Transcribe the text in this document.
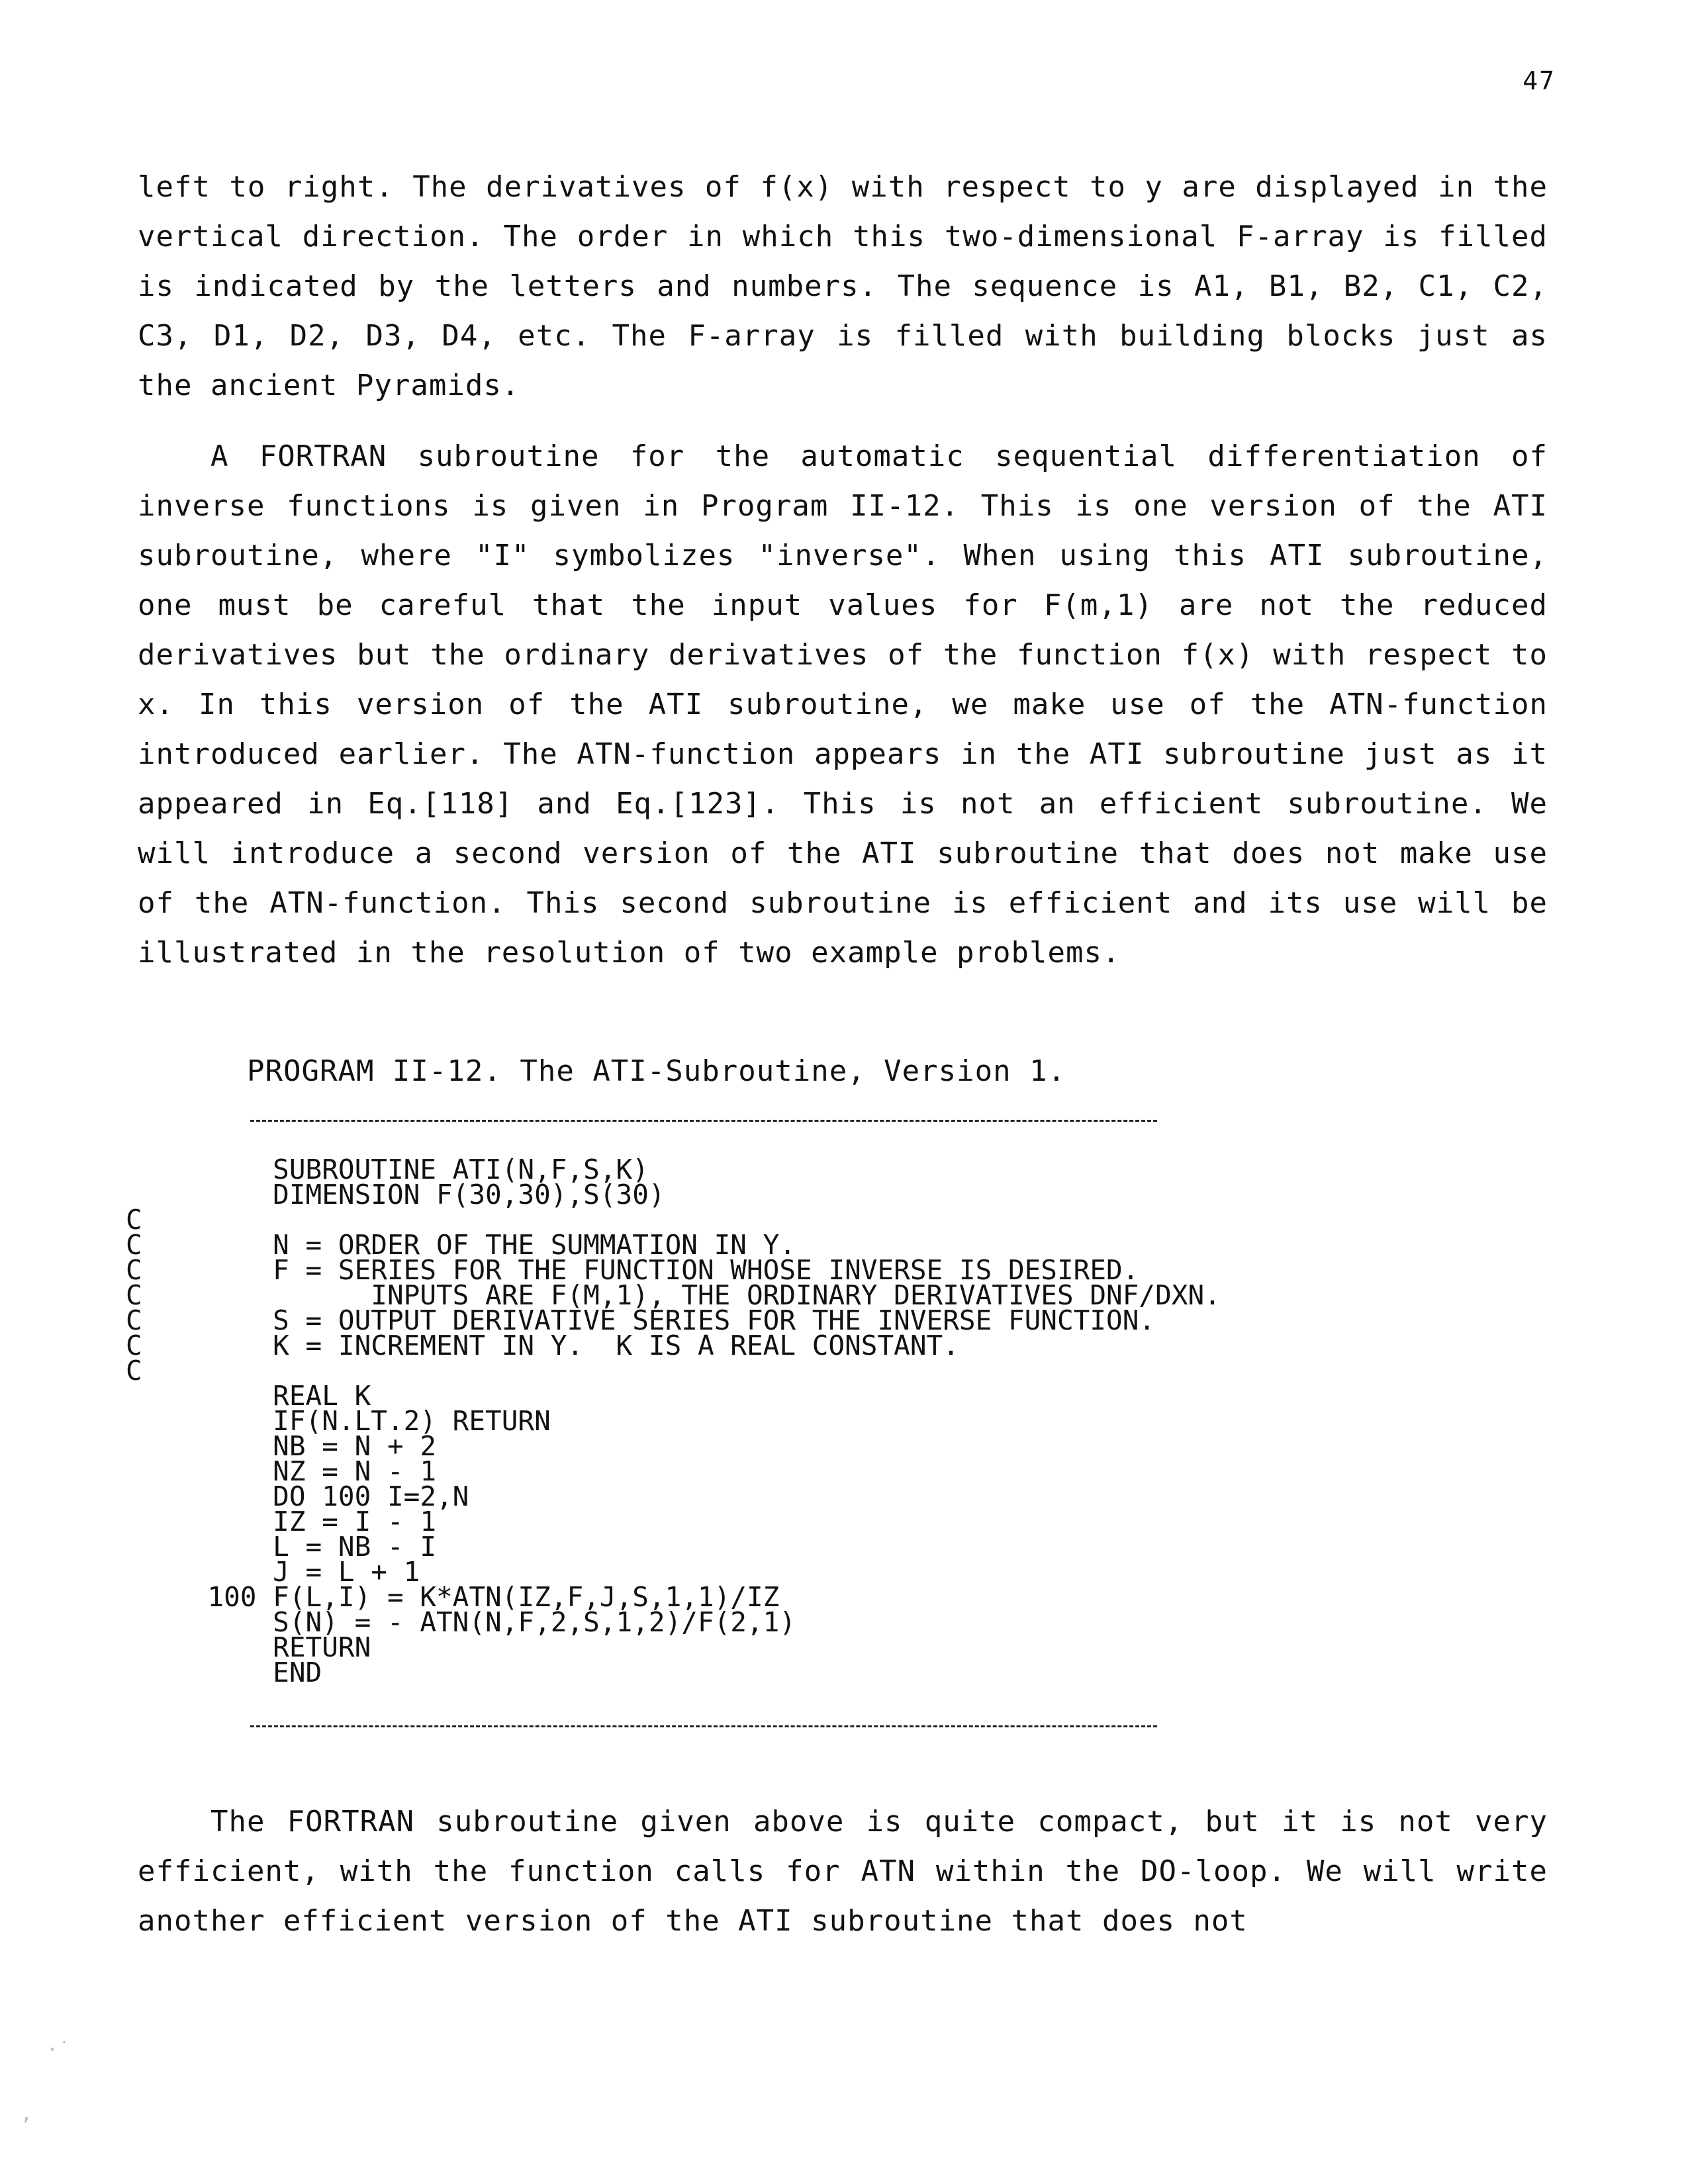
47

left to right. The derivatives of f(x) with respect to y are displayed in the vertical direction. The order in which this two-dimensional F-array is filled is indicated by the letters and numbers. The sequence is A1, B1, B2, C1, C2, C3, D1, D2, D3, D4, etc. The F-array is filled with building blocks just as the ancient Pyramids.

A FORTRAN subroutine for the automatic sequential differentiation of inverse functions is given in Program II-12. This is one version of the ATI subroutine, where "I" symbolizes "inverse". When using this ATI subroutine, one must be careful that the input values for F(m,1) are not the reduced derivatives but the ordinary derivatives of the function f(x) with respect to x. In this version of the ATI subroutine, we make use of the ATN-function introduced earlier. The ATN-function appears in the ATI subroutine just as it appeared in Eq.[118] and Eq.[123]. This is not an efficient subroutine. We will introduce a second version of the ATI subroutine that does not make use of the ATN-function. This second subroutine is efficient and its use will be illustrated in the resolution of two example problems.

PROGRAM II-12. The ATI-Subroutine, Version 1.
SUBROUTINE ATI(N,F,S,K)
DIMENSION F(30,30),S(30)
C
C        N = ORDER OF THE SUMMATION IN Y.
C        F = SERIES FOR THE FUNCTION WHOSE INVERSE IS DESIRED.
C              INPUTS ARE F(M,1), THE ORDINARY DERIVATIVES DNF/DXN.
C        S = OUTPUT DERIVATIVE SERIES FOR THE INVERSE FUNCTION.
C        K = INCREMENT IN Y.  K IS A REAL CONSTANT.
C
REAL K
IF(N.LT.2) RETURN
NB = N + 2
NZ = N - 1
DO 100 I=2,N
IZ = I - 1
L = NB - I
J = L + 1
100 F(L,I) = K*ATN(IZ,F,J,S,1,1)/IZ
S(N) = - ATN(N,F,2,S,1,2)/F(2,1)
RETURN
END

The FORTRAN subroutine given above is quite compact, but it is not very efficient, with the function calls for ATN within the DO-loop. We will write another efficient version of the ATI subroutine that does not

·˙
ʼ
